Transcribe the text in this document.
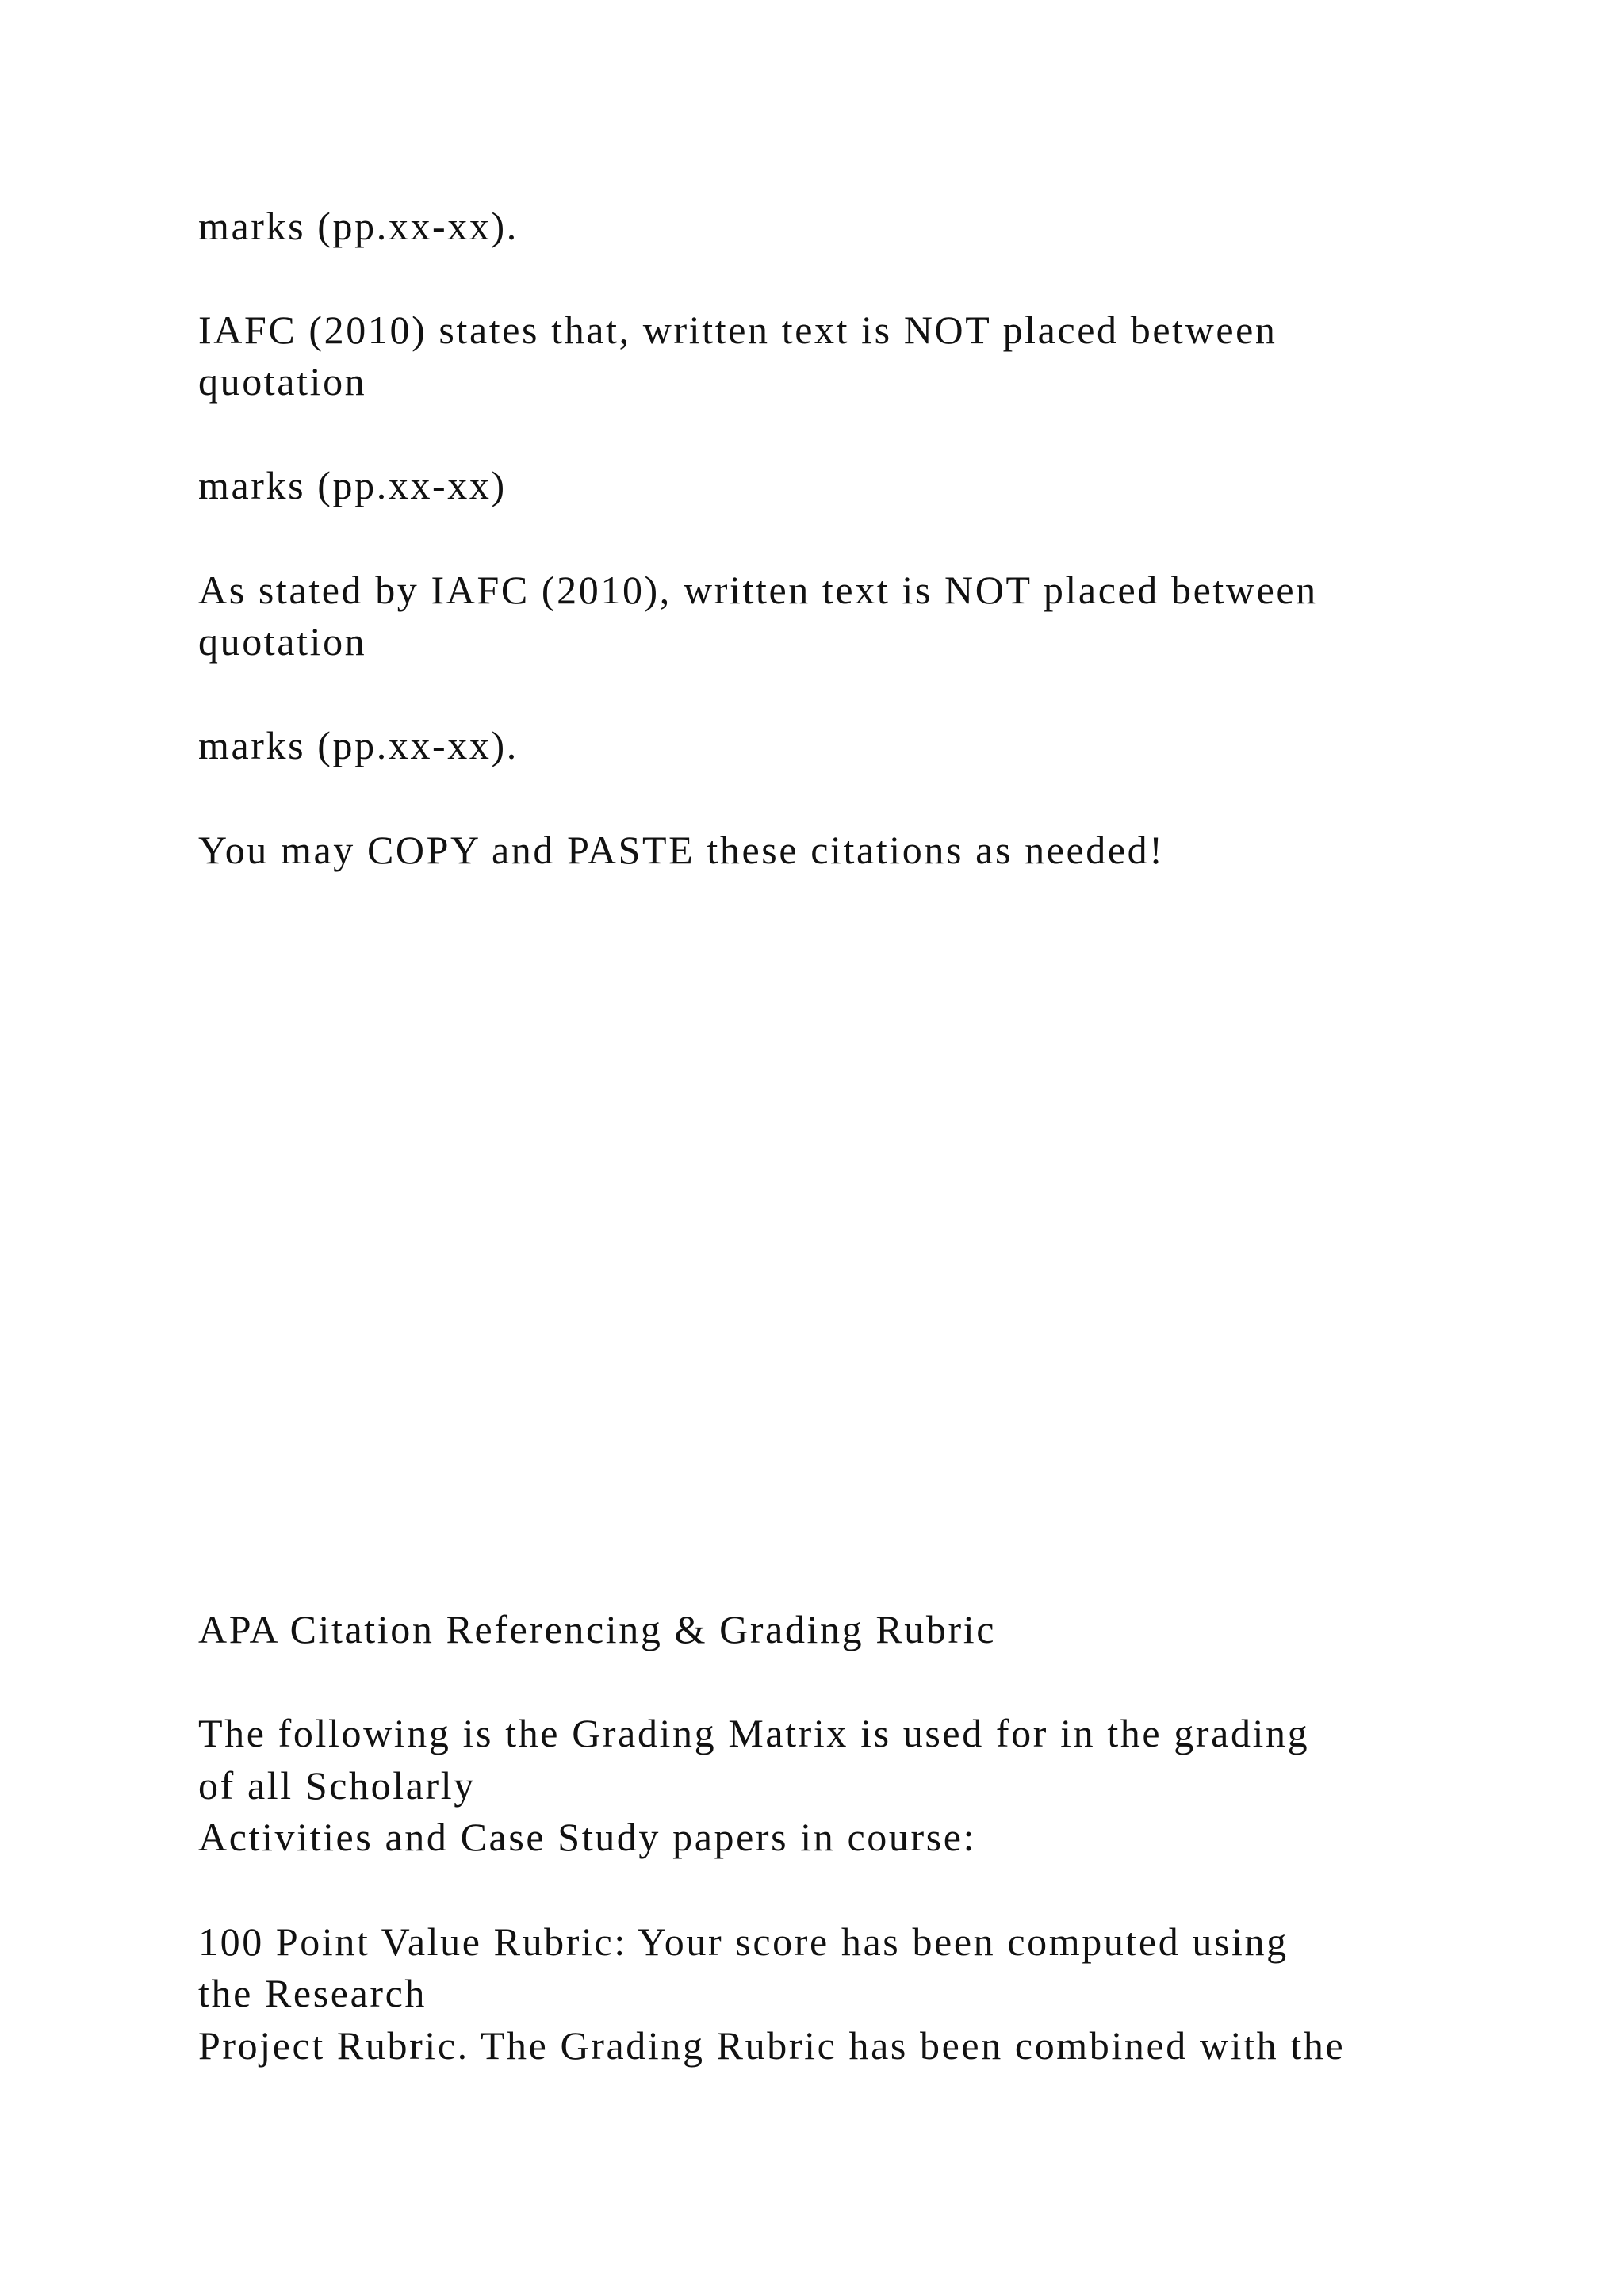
marks (pp.xx-xx).

IAFC (2010) states that, written text is NOT placed between

quotation

marks (pp.xx-xx)

As stated by IAFC (2010), written text is NOT placed between

quotation

marks (pp.xx-xx).

You may COPY and PASTE these citations as needed!

APA Citation Referencing & Grading Rubric

The following is the Grading Matrix is used for in the grading

of all Scholarly

Activities and Case Study papers in course:

100 Point Value Rubric: Your score has been computed using

the Research

Project Rubric. The Grading Rubric has been combined with the
